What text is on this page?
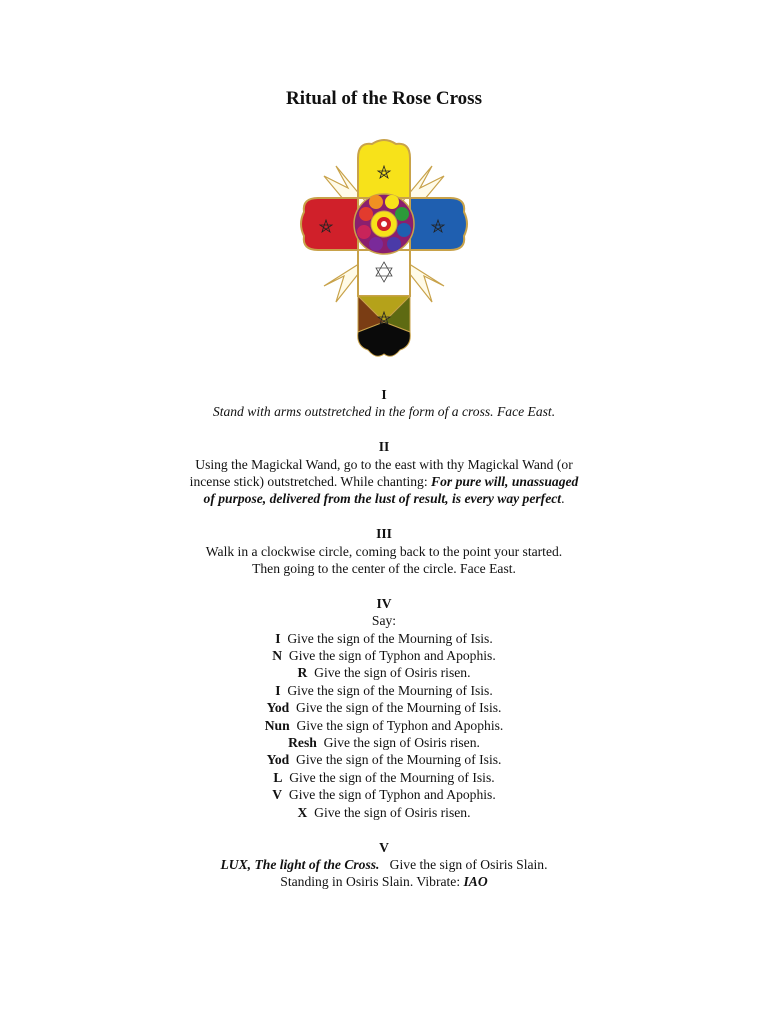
Ritual of the Rose Cross
I
Stand with arms outstretched in the form of a cross. Face East.
II
Using the Magickal Wand, go to the east with thy Magickal Wand (or
incense stick) outstretched. While chanting: For pure will, unassuaged
of purpose, delivered from the lust of result, is every way perfect.
III
Walk in a clockwise circle, coming back to the point your started.
Then going to the center of the circle. Face East.
IV
Say:
I Give the sign of the Mourning of Isis.
N Give the sign of Typhon and Apophis.
R Give the sign of Osiris risen.
I Give the sign of the Mourning of Isis.
Yod Give the sign of the Mourning of Isis.
Nun Give the sign of Typhon and Apophis.
Resh Give the sign of Osiris risen.
Yod Give the sign of the Mourning of Isis.
L Give the sign of the Mourning of Isis.
V Give the sign of Typhon and Apophis.
X Give the sign of Osiris risen.
V
LUX, The light of the Cross. Give the sign of Osiris Slain.
Standing in Osiris Slain. Vibrate: IAO
